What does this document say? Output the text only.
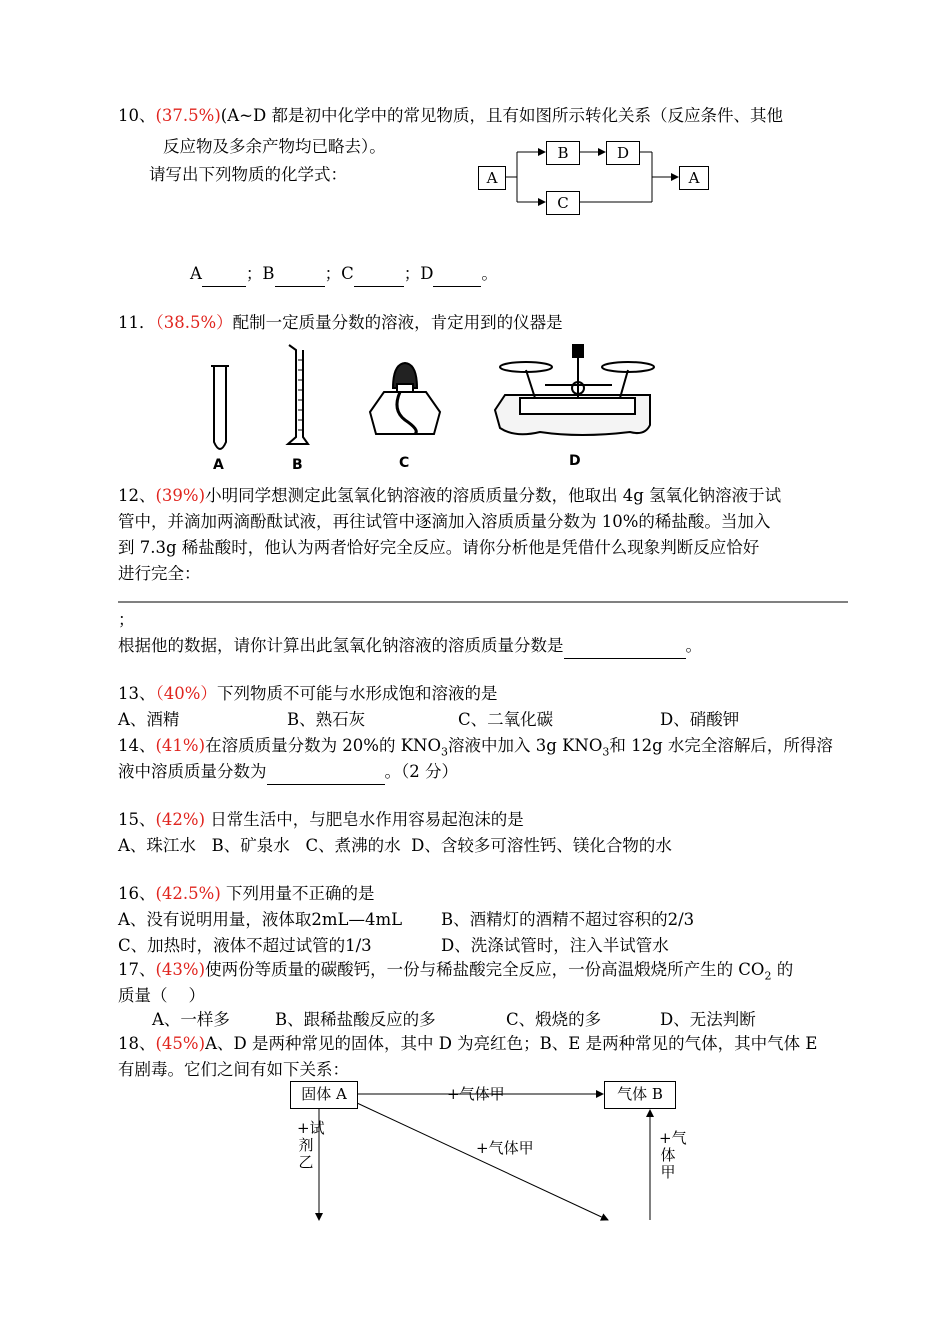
10、(37.5%)(A~D 都是初中化学中的常见物质，且有如图所示转化关系（反应条件、其他
反应物及多余产物均已略去）。
请写出下列物质的化学式：	A
B	D
C
A
A	；B	；C	；D	。
11．（38.5%）配制一定质量分数的溶液，肯定用到的仪器是
A	B	C	D
12、(39%)小明同学想测定此氢氧化钠溶液的溶质质量分数，他取出 4g 氢氧化钠溶液于试
管中，并滴加两滴酚酞试液，再往试管中逐滴加入溶质质量分数为 10%的稀盐酸。当加入
到 7.3g 稀盐酸时，他认为两者恰好完全反应。请你分析他是凭借什么现象判断反应恰好
进行完全：
；
根据他的数据，请你计算出此氢氧化钠溶液的溶质质量分数是	。
13、（40%）下列物质不可能与水形成饱和溶液的是
A、酒精	B、熟石灰	C、二氧化碳	D、硝酸钾
14、(41%)在溶质质量分数为 20%的 $KNO_3$溶液中加入 3g $KNO_3$和 12g 水完全溶解后，所得溶
液中溶质质量分数为	。（2 分）
15、(42%) 日常生活中，与肥皂水作用容易起泡沫的是
A、珠江水   B、矿泉水   C、煮沸的水  D、含较多可溶性钙、镁化合物的水
16、(42.5%) 下列用量不正确的是
A、没有说明用量，液体取2mL—4mL B、酒精灯的酒精不超过容积的2/3
C、加热时，液体不超过试管的1/3	D、洗涤试管时，注入半试管水
17、(43%)使两份等质量的碳酸钙，一份与稀盐酸完全反应，一份高温煅烧所产生的 $CO_2$ 的
质量（    ）
A、一样多	B、跟稀盐酸反应的多	C、煅烧的多	D、无法判断
18、(45%)A、D 是两种常见的固体，其中 D 为亮红色；B、E 是两种常见的气体，其中气体 E
有剧毒。它们之间有如下关系：
固体 A	气体 B
+气体甲
+气体甲
+试剂乙
+气体甲
